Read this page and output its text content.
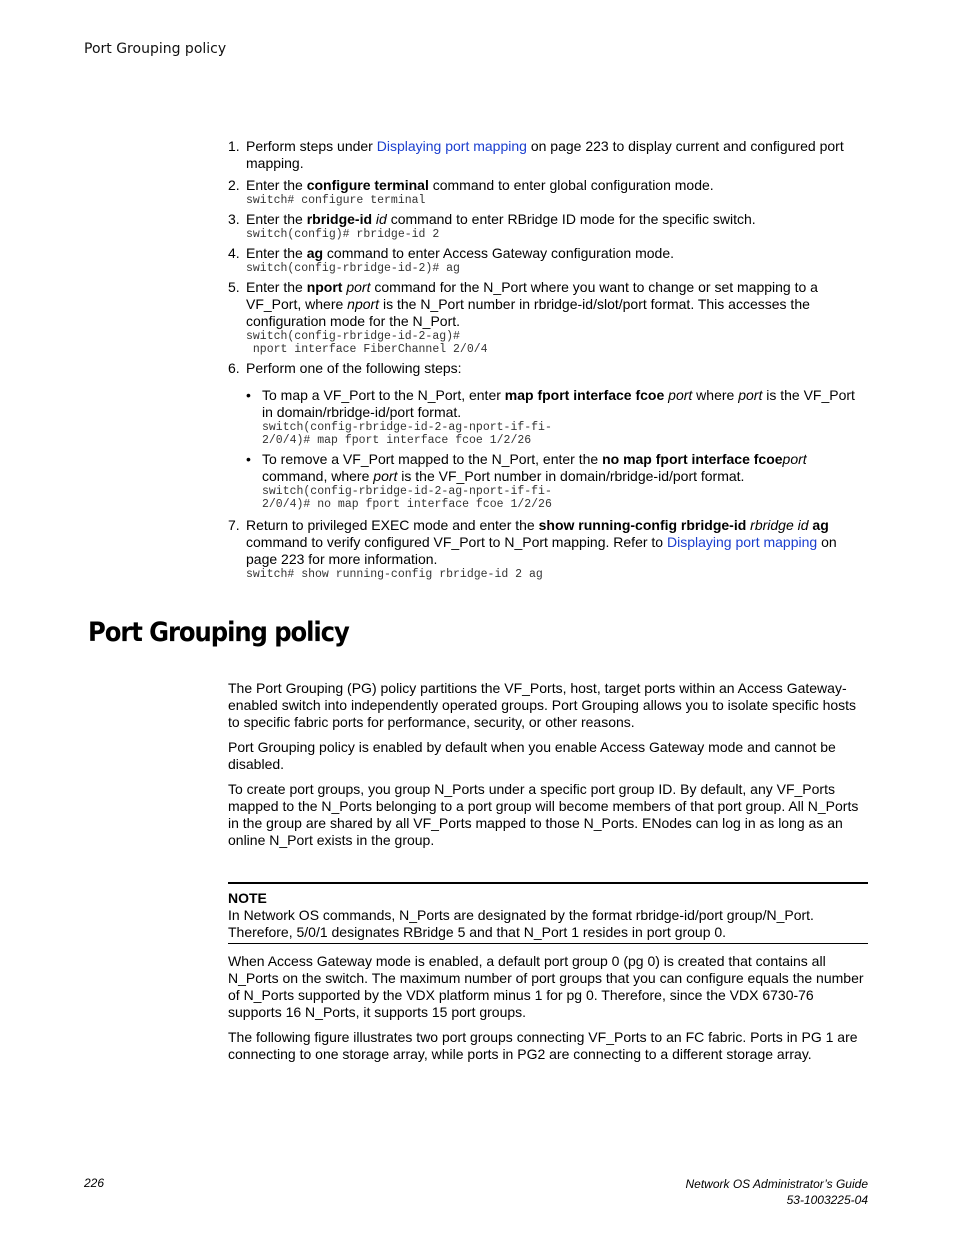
Port Grouping policy
1. Perform steps under Displaying port mapping on page 223 to display current and configured port mapping.
2. Enter the configure terminal command to enter global configuration mode.
switch# configure terminal
3. Enter the rbridge-id id command to enter RBridge ID mode for the specific switch.
switch(config)# rbridge-id 2
4. Enter the ag command to enter Access Gateway configuration mode.
switch(config-rbridge-id-2)# ag
5. Enter the nport port command for the N_Port where you want to change or set mapping to a VF_Port, where nport is the N_Port number in rbridge-id/slot/port format. This accesses the configuration mode for the N_Port.
switch(config-rbridge-id-2-ag)#
nport interface FiberChannel 2/0/4
6. Perform one of the following steps:
• To map a VF_Port to the N_Port, enter map fport interface fcoe port where port is the VF_Port in domain/rbridge-id/port format.
switch(config-rbridge-id-2-ag-nport-if-fi-
2/0/4)# map fport interface fcoe 1/2/26
• To remove a VF_Port mapped to the N_Port, enter the no map fport interface fcoeport command, where port is the VF_Port number in domain/rbridge-id/port format.
switch(config-rbridge-id-2-ag-nport-if-fi-
2/0/4)# no map fport interface fcoe 1/2/26
7. Return to privileged EXEC mode and enter the show running-config rbridge-id rbridge id ag command to verify configured VF_Port to N_Port mapping. Refer to Displaying port mapping on page 223 for more information.
switch# show running-config rbridge-id 2 ag
Port Grouping policy

The Port Grouping (PG) policy partitions the VF_Ports, host, target ports within an Access Gateway-enabled switch into independently operated groups. Port Grouping allows you to isolate specific hosts to specific fabric ports for performance, security, or other reasons.

Port Grouping policy is enabled by default when you enable Access Gateway mode and cannot be disabled.

To create port groups, you group N_Ports under a specific port group ID. By default, any VF_Ports mapped to the N_Ports belonging to a port group will become members of that port group. All N_Ports in the group are shared by all VF_Ports mapped to those N_Ports. ENodes can log in as long as an online N_Port exists in the group.

NOTE
In Network OS commands, N_Ports are designated by the format rbridge-id/port group/N_Port. Therefore, 5/0/1 designates RBridge 5 and that N_Port 1 resides in port group 0.

When Access Gateway mode is enabled, a default port group 0 (pg 0) is created that contains all N_Ports on the switch. The maximum number of port groups that you can configure equals the number of N_Ports supported by the VDX platform minus 1 for pg 0. Therefore, since the VDX 6730-76 supports 16 N_Ports, it supports 15 port groups.

The following figure illustrates two port groups connecting VF_Ports to an FC fabric. Ports in PG 1 are connecting to one storage array, while ports in PG2 are connecting to a different storage array.

226	Network OS Administrator’s Guide
53-1003225-04
